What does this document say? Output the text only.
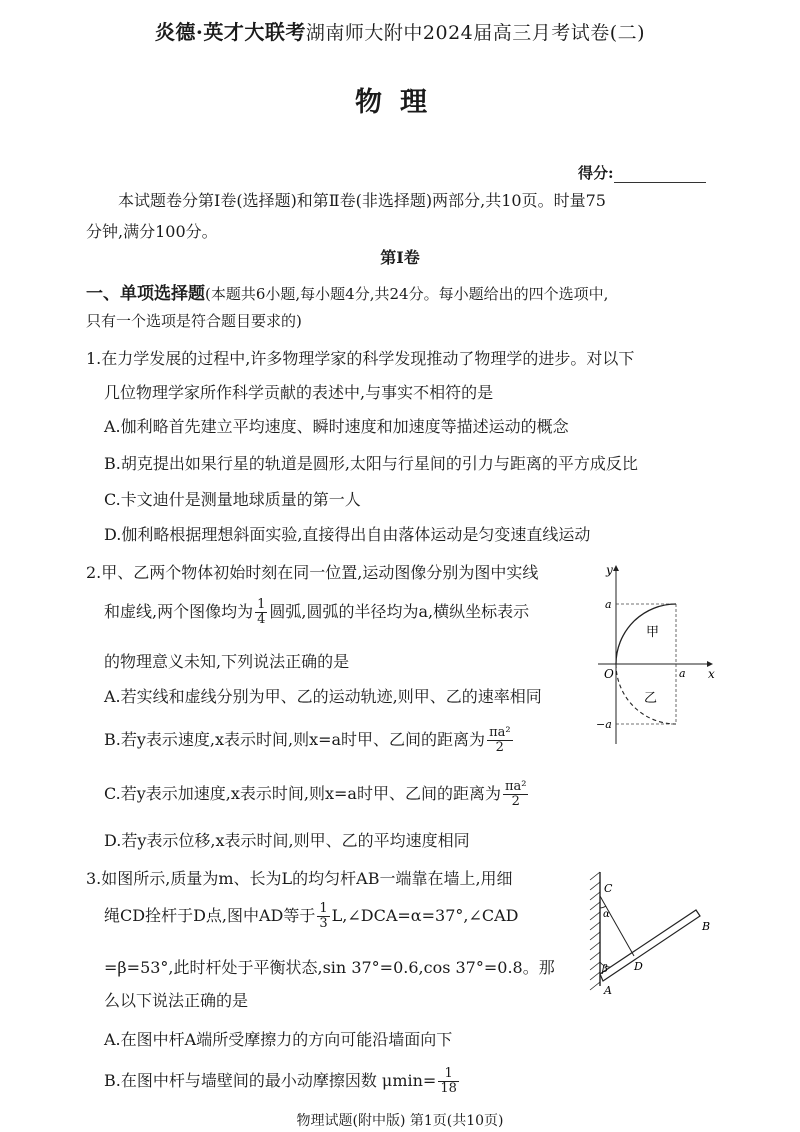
炎德·英才大联考湖南师大附中2024届高三月考试卷(二)
物理
得分:
本试题卷分第Ⅰ卷(选择题)和第Ⅱ卷(非选择题)两部分,共10页。时量75
分钟,满分100分。
第Ⅰ卷
一、单项选择题(本题共6小题,每小题4分,共24分。每小题给出的四个选项中,
只有一个选项是符合题目要求的)
1.在力学发展的过程中,许多物理学家的科学发现推动了物理学的进步。对以下
几位物理学家所作科学贡献的表述中,与事实不相符的是
A.伽利略首先建立平均速度、瞬时速度和加速度等描述运动的概念
B.胡克提出如果行星的轨道是圆形,太阳与行星间的引力与距离的平方成反比
C.卡文迪什是测量地球质量的第一人
D.伽利略根据理想斜面实验,直接得出自由落体运动是匀变速直线运动
2.甲、乙两个物体初始时刻在同一位置,运动图像分别为图中实线
和虚线,两个图像均为 $\frac{1}{4}$ 圆弧,圆弧的半径均为a,横纵坐标表示
的物理意义未知,下列说法正确的是
A.若实线和虚线分别为甲、乙的运动轨迹,则甲、乙的速率相同
B.若y表示速度,x表示时间,则x=a时甲、乙间的距离为 $\frac{\text{πa²}}{2}$
C.若y表示加速度,x表示时间,则x=a时甲、乙间的距离为 $\frac{\text{πa²}}{2}$
D.若y表示位移,x表示时间,则甲、乙的平均速度相同
y
x
O
a
a
−a
甲
乙
3.如图所示,质量为m、长为L的均匀杆AB一端靠在墙上,用细
绳CD拴杆于D点,图中AD等于 $\frac{1}{3}$ L,∠DCA=α=37°,∠CAD
=β=53°,此时杆处于平衡状态,sin 37°=0.6,cos 37°=0.8。那
么以下说法正确的是
A.在图中杆A端所受摩擦力的方向可能沿墙面向下
B.在图中杆与墙壁间的最小动摩擦因数 $\mu\min= \frac{1}{18}$
C
α
β D
A
B
物理试题(附中版) 第1页(共10页)
